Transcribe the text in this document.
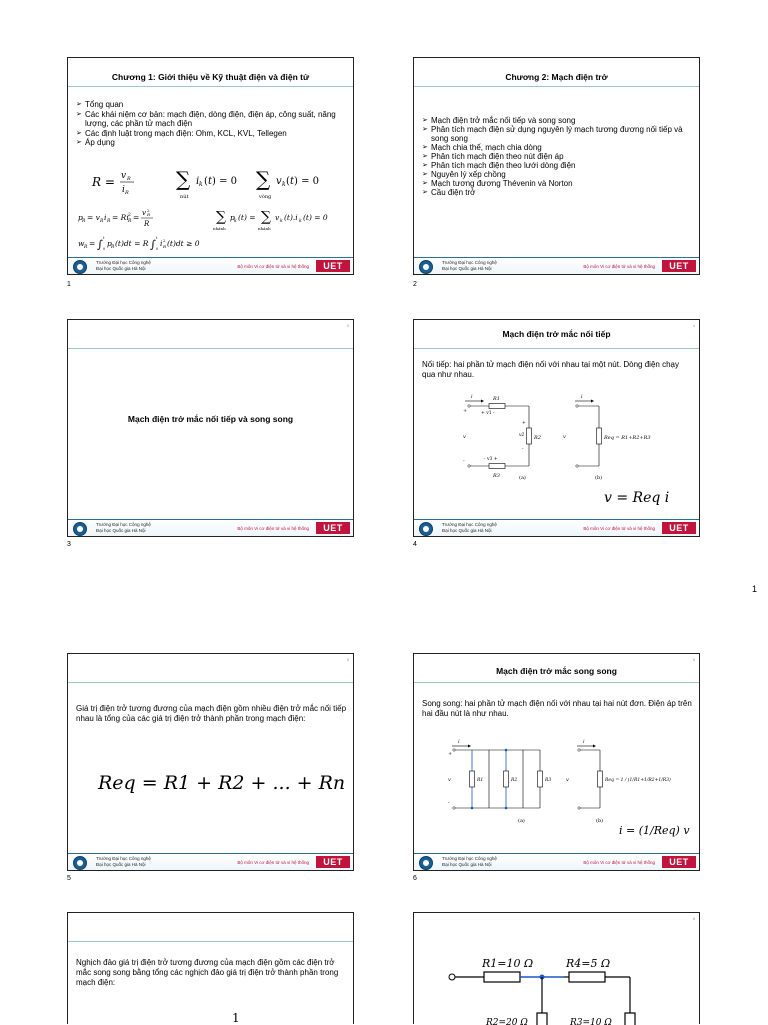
1
Chương 1: Giới thiệu về Kỹ thuật điện và điện tử
➢ Tổng quan
➢ Các khái niệm cơ bản: mạch điện, dòng điện, điện áp, công suất, năng lượng, các phần tử mạch điện
➢ Các định luật trong mạch điện: Ohm, KCL, KVL, Tellegen
➢ Áp dụng
R = v R
i R
∑ i k ( t ) = 0
nút
∑ v k ( t ) = 0
vòng
p R = v R i R = Ri 2
R = v 2
R
R	∑ p k (t) = ∑ v k (t).i k (t) = 0
nhánh	nhánh
w R = ∫ t
0
p R (t)dt = R ∫ t
0
i 2
R (t)dt ≥ 0
Trường Đại học Công nghệ
Đại học Quốc gia Hà Nội	Bộ môn Vi cơ điện tử và vi hệ thống	UET
1
Chương 2: Mạch điện trở
➢ Mạch điện trở mắc nối tiếp và song song
➢ Phân tích mạch điện sử dụng nguyên lý mạch tương đương nối tiếp và song song
➢ Mạch chia thế, mạch chia dòng
➢ Phân tích mạch điện theo nút điện áp
➢ Phân tích mạch điện theo lưới dòng điện
➢ Nguyên lý xếp chồng
➢ Mạch tương đương Thévenin và Norton
➢ Cầu điện trở
Trường Đại học Công nghệ
Đại học Quốc gia Hà Nội	Bộ môn Vi cơ điện tử và vi hệ thống	UET
2
3
Mạch điện trở mắc nối tiếp và song song
Trường Đại học Công nghệ
Đại học Quốc gia Hà Nội	Bộ môn Vi cơ điện tử và vi hệ thống	UET
3
4
Mạch điện trở mắc nối tiếp
Nối tiếp: hai phần tử mạch điện nối với nhau tại một nút. Dòng điện chạy qua như nhau.
i	R1
R2
R3
+
v
-
+ v1 -
+
v2
-
- v3 +
(a)
i
v	Req = R1+R2+R3
(b)
v = Req i
Trường Đại học Công nghệ
Đại học Quốc gia Hà Nội	Bộ môn Vi cơ điện tử và vi hệ thống	UET
4
5
Giá trị điện trở tương đương của mạch điện gồm nhiều điện trở mắc nối tiếp nhau là tổng của các giá trị điện trở thành phần trong mạch điện:
Req = R1 + R2 + ... + Rn
Trường Đại học Công nghệ
Đại học Quốc gia Hà Nội	Bộ môn Vi cơ điện tử và vi hệ thống	UET
5
6
Mạch điện trở mắc song song
Song song: hai phần tử mạch điện nối với nhau tại hai nút đơn. Điện áp trên hai đầu nút là như nhau.
i
R1	R2	R3
+
v
-
(a)
i
v	Req = 1 / (1/R1+1/R2+1/R3)
(b)
i = (1/Req) v
Trường Đại học Công nghệ
Đại học Quốc gia Hà Nội	Bộ môn Vi cơ điện tử và vi hệ thống	UET
6
Nghịch đảo giá trị điện trở tương đương của mạch điện gồm các điện trở mắc song song bằng tổng các nghịch đảo giá trị điện trở thành phần trong mạch điện:
1
8
R1=10 Ω	R4=5 Ω
R2=20 Ω	R3=10 Ω
